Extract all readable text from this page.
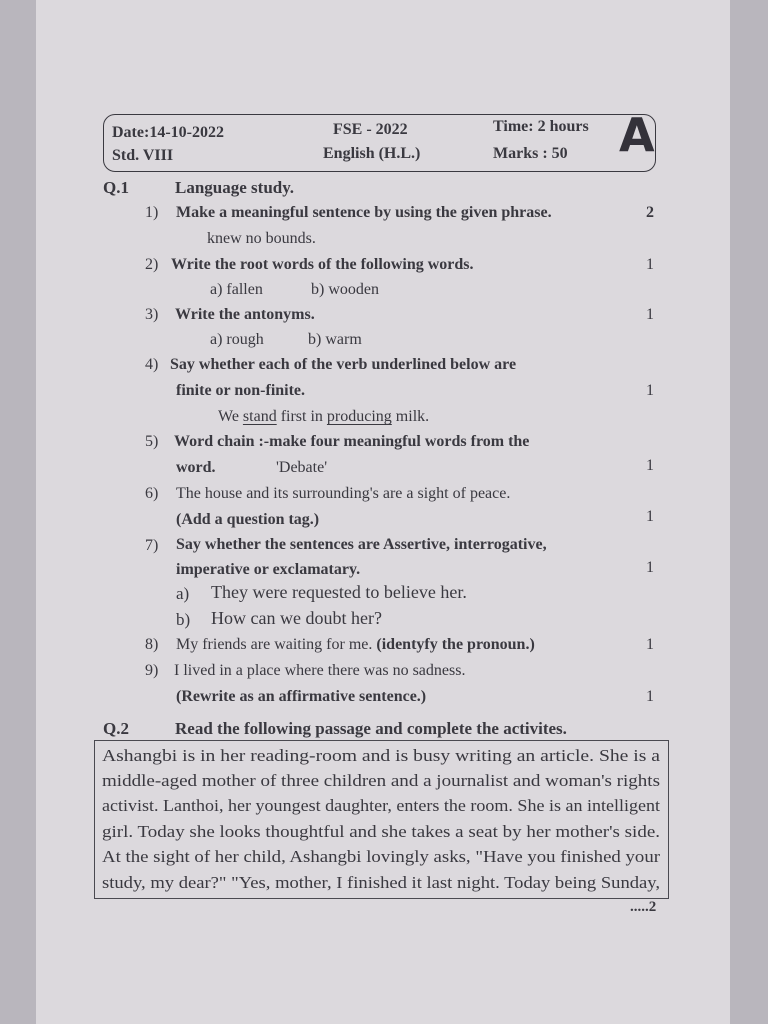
Date:14-10-2022
Std. VIII
FSE - 2022
English (H.L.)
Time: 2 hours
Marks : 50 A
Q.1	Language study.
1) Make a meaningful sentence by using the given phrase.	2
knew no bounds.
2) Write the root words of the following words.	1
a) fallen	b) wooden
3) Write the antonyms.	1
a) rough	b) warm
4) Say whether each of the verb underlined below are
finite or non-finite.	1
We stand first in producing milk.
5) Word chain :-make four meaningful words from the
word.	'Debate'	1
6) The house and its surrounding's are a sight of peace.
(Add a question tag.)	1
7) Say whether the sentences are Assertive, interrogative,
imperative or exclamatary.	1
a) They were requested to believe her.
b) How can we doubt her?
8) My friends are waiting for me. (identyfy the pronoun.)	1
9) I lived in a place where there was no sadness.
(Rewrite as an affirmative sentence.)	1
Q.2	Read the following passage and complete the activites.
Ashangbi is in her reading-room and is busy writing an article. She is a
middle-aged mother of three children and a journalist and woman's rights
activist. Lanthoi, her youngest daughter, enters the room. She is an intelligent
girl. Today she looks thoughtful and she takes a seat by her mother's side.
At the sight of her child, Ashangbi lovingly asks, "Have you finished your
study, my dear?" "Yes, mother, I finished it last night. Today being Sunday,
.....2
